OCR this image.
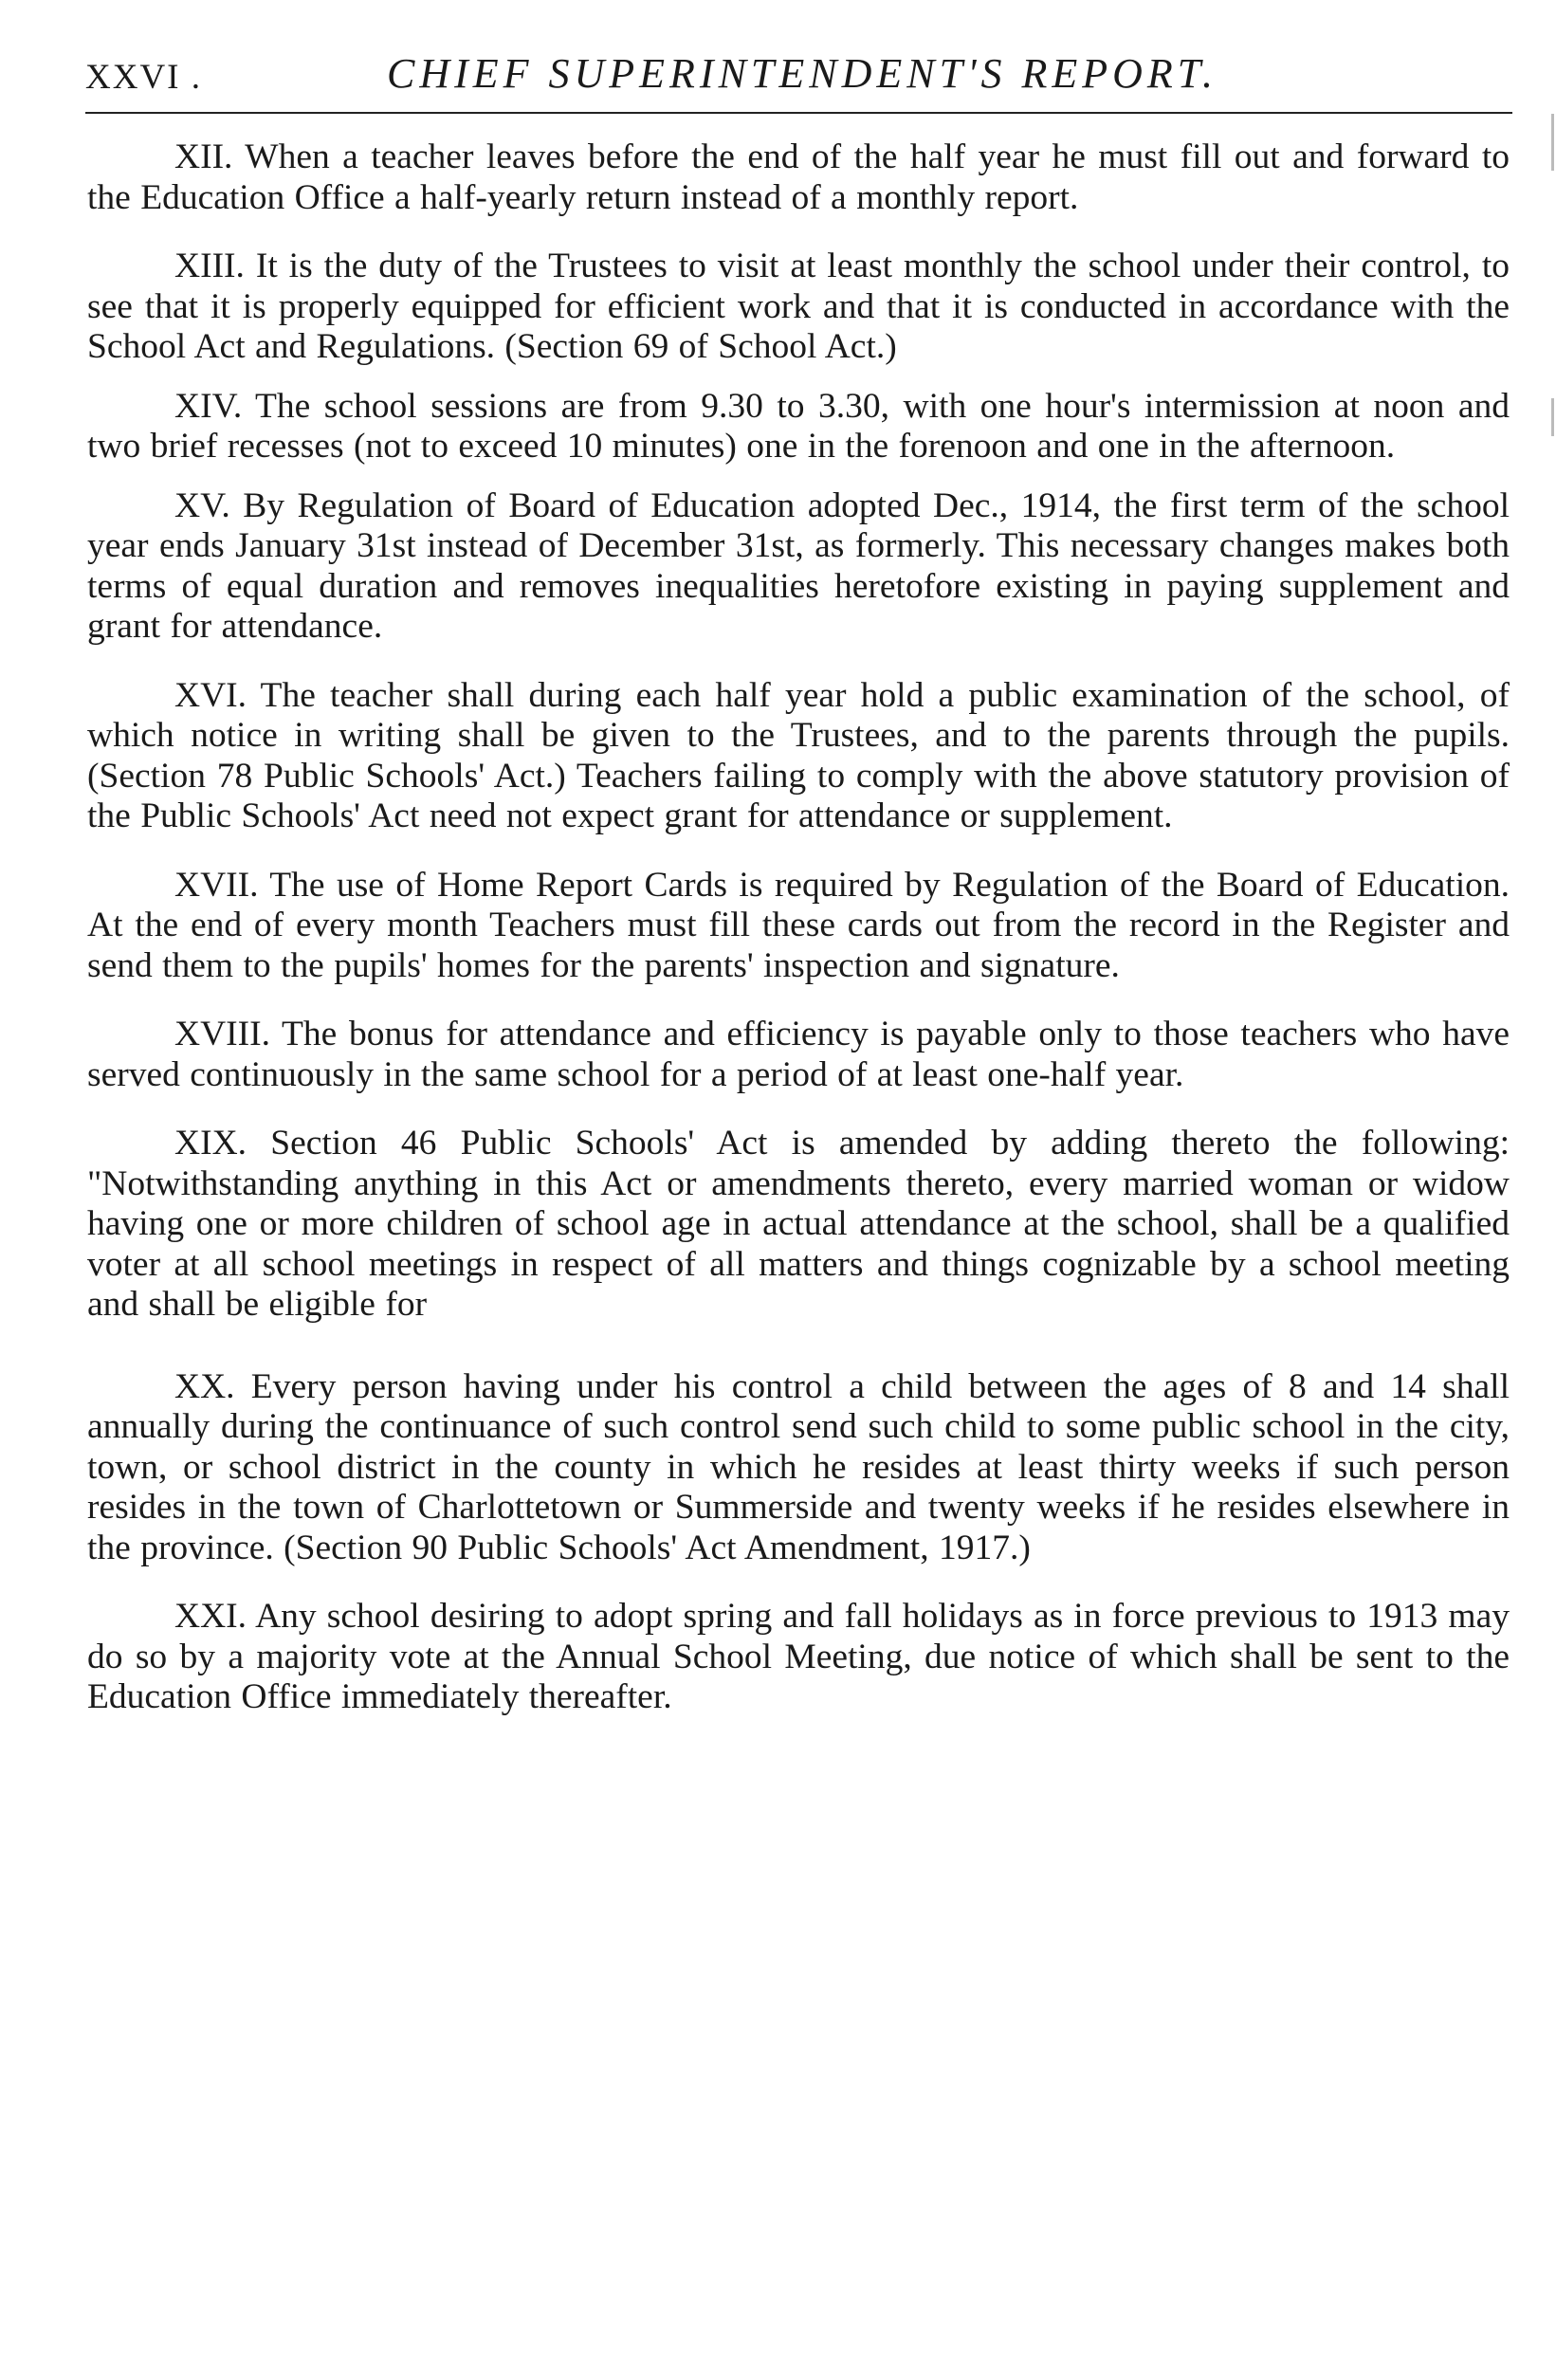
XXVI .	CHIEF SUPERINTENDENT'S REPORT.

XII. When a teacher leaves before the end of the half year he must fill out and forward to the Education Office a half-yearly return instead of a monthly report.

XIII. It is the duty of the Trustees to visit at least monthly the school under their control, to see that it is properly equipped for efficient work and that it is conducted in accordance with the School Act and Regulations. (Section 69 of School Act.)

XIV. The school sessions are from 9.30 to 3.30, with one hour's intermission at noon and two brief recesses (not to exceed 10 minutes) one in the forenoon and one in the afternoon.

XV. By Regulation of Board of Education adopted Dec., 1914, the first term of the school year ends January 31st instead of December 31st, as formerly. This necessary changes makes both terms of equal duration and removes inequalities heretofore existing in paying supplement and grant for attendance.

XVI. The teacher shall during each half year hold a public examination of the school, of which notice in writing shall be given to the Trustees, and to the parents through the pupils. (Section 78 Public Schools' Act.) Teachers failing to comply with the above statutory provision of the Public Schools' Act need not expect grant for attendance or supplement.

XVII. The use of Home Report Cards is required by Regulation of the Board of Education. At the end of every month Teachers must fill these cards out from the record in the Register and send them to the pupils' homes for the parents' inspection and signature.

XVIII. The bonus for attendance and efficiency is payable only to those teachers who have served continuously in the same school for a period of at least one-half year.

XIX. Section 46 Public Schools' Act is amended by adding thereto the following: "Notwithstanding anything in this Act or amendments thereto, every married woman or widow having one or more children of school age in actual attendance at the school, shall be a qualified voter at all school meetings in respect of all matters and things cognizable by a school meeting and shall be eligible for

XX. Every person having under his control a child between the ages of 8 and 14 shall annually during the continuance of such control send such child to some public school in the city, town, or school district in the county in which he resides at least thirty weeks if such person resides in the town of Charlottetown or Summerside and twenty weeks if he resides elsewhere in the province. (Section 90 Public Schools' Act Amendment, 1917.)

XXI. Any school desiring to adopt spring and fall holidays as in force previous to 1913 may do so by a majority vote at the Annual School Meeting, due notice of which shall be sent to the Education Office immediately thereafter.
